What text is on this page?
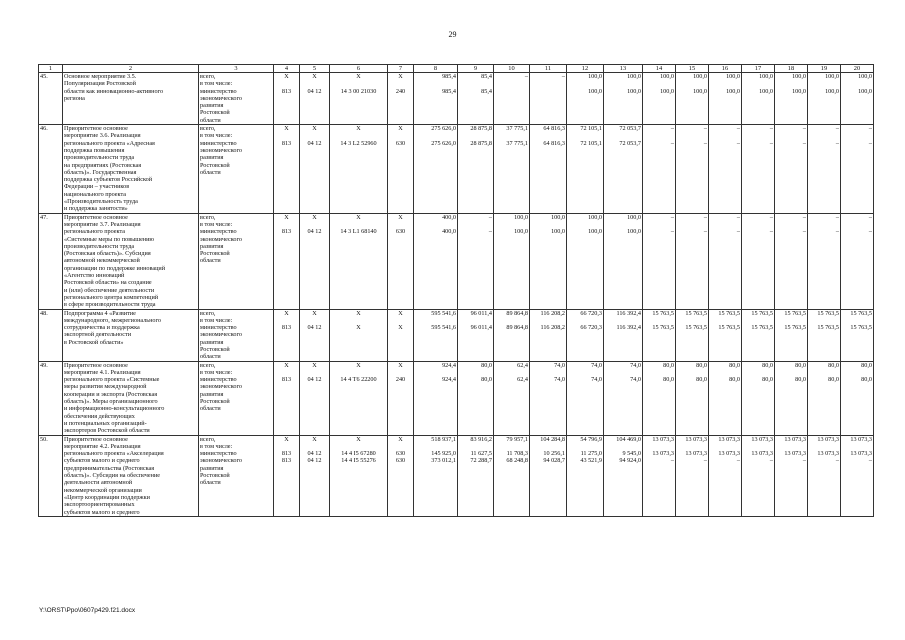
29
1	2	3	4	5	6	7	8	9	10	11	12	13	14	15	16	17	18	19	20
45.	Основное мероприятие 3.5.	всего,	X	X	X	X	985,4	85,4	–	–	100,0	100,0	100,0	100,0	100,0	100,0	100,0	100,0	100,0
	Популяризация Ростовской	в том числе:																	
	области как инновационно-активного	министерство	813	04 12	14 3 00 21030	240	985,4	85,4			100,0	100,0	100,0	100,0	100,0	100,0	100,0	100,0	100,0
	региона	экономического																	
		развития																	
		Ростовской																	
		области																	
46.	Приоритетное основное	всего,	X	X	X	X	275 626,0	28 875,8	37 775,1	64 816,3	72 105,1	72 053,7	–	–	–	–	–	–	–
	мероприятие 3.6. Реализация	в том числе:																	
	регионального проекта «Адресная	министерство	813	04 12	14 3 L2 52960	630	275 626,0	28 875,8	37 775,1	64 816,3	72 105,1	72 053,7	–	–	–	–	–	–	–
	поддержка повышения	экономического																	
	производительности труда	развития																	
	на предприятиях (Ростовская	Ростовской																	
	область)». Государственная	области																	
	поддержка субъектов Российской																		
	Федерации – участников																		
	национального проекта																		
	«Производительность труда																		
	и поддержка занятости»																		
47.	Приоритетное основное	всего,	X	X	X	X	400,0	–	100,0	100,0	100,0	100,0	–	–	–	–	–	–	–
	мероприятие 3.7. Реализация	в том числе:																	
	регионального проекта	министерство	813	04 12	14 3 L1 68140	630	400,0	–	100,0	100,0	100,0	100,0	–	–	–	–	–	–	–
	«Системные меры по повышению	экономического																	
	производительности труда	развития																	
	(Ростовская область)». Субсидия	Ростовской																	
	автономной некоммерческой	области																	
	организации по поддержке инноваций																		
	«Агентство инноваций																		
	Ростовской области» на создание																		
	и (или) обеспечение деятельности																		
	регионального центра компетенций																		
	в сфере производительности труда																		
48.	Подпрограмма 4 «Развитие	всего,	X	X	X	X	595 541,6	96 011,4	89 864,8	116 208,2	66 720,3	116 392,4	15 763,5	15 763,5	15 763,5	15 763,5	15 763,5	15 763,5	15 763,5
	международного, межрегионального	в том числе:																	
	сотрудничества и поддержка	министерство	813	04 12	X	X	595 541,6	96 011,4	89 864,8	116 208,2	66 720,3	116 392,4	15 763,5	15 763,5	15 763,5	15 763,5	15 763,5	15 763,5	15 763,5
	экспортной деятельности	экономического																	
	в Ростовской области»	развития																	
		Ростовской																	
		области																	
49.	Приоритетное основное	всего,	X	X	X	X	924,4	80,0	62,4	74,0	74,0	74,0	80,0	80,0	80,0	80,0	80,0	80,0	80,0
	мероприятие 4.1. Реализация	в том числе:																	
	регионального проекта «Системные	министерство	813	04 12	14 4 T6 22200	240	924,4	80,0	62,4	74,0	74,0	74,0	80,0	80,0	80,0	80,0	80,0	80,0	80,0
	меры развития международной	экономического																	
	кооперации и экспорта (Ростовская	развития																	
	область)». Меры организационного	Ростовской																	
	и информационно-консультационного	области																	
	обеспечения действующих																		
	и потенциальных организаций-																		
	экспортеров Ростовской области																		
50.	Приоритетное основное	всего,	X	X	X	X	518 937,1	83 916,2	79 957,1	104 284,8	54 796,9	104 469,0	13 073,3	13 073,3	13 073,3	13 073,3	13 073,3	13 073,3	13 073,3
	мероприятие 4.2. Реализация	в том числе:																	
	регионального проекта «Акселерация	министерство	813	04 12	14 4 I5 67280	630	145 925,0	11 627,5	11 708,3	10 256,1	11 275,0	9 545,0	13 073,3	13 073,3	13 073,3	13 073,3	13 073,3	13 073,3	13 073,3
	субъектов малого и среднего	экономического	813	04 12	14 4 I5 55276	630	373 012,1	72 288,7	68 248,8	94 028,7	43 521,9	94 924,0	–	–	–	–	–	–	–
	предпринимательства (Ростовская	развития																	
	область)». Субсидия на обеспечение	Ростовской																	
	деятельности автономной	области																	
	некоммерческой организации																		
	«Центр координации поддержки																		
	экспортоориентированных																		
	субъектов малого и среднего																		
Y:\ORST\Ppo\0607p429.f21.docx
